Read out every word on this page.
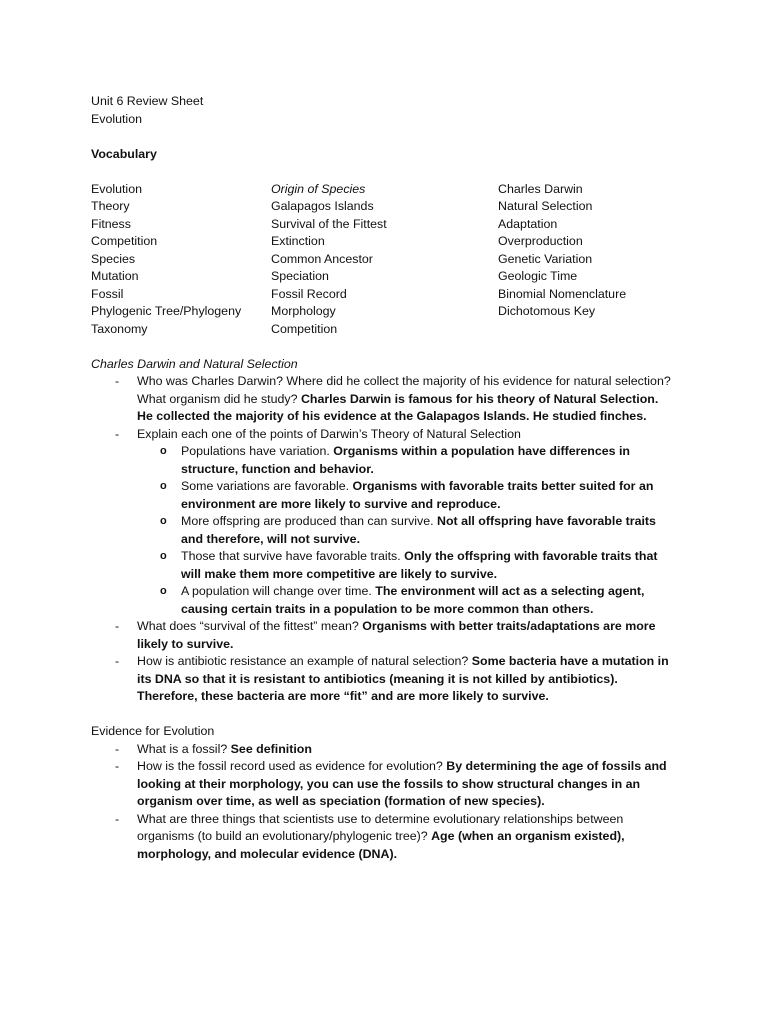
Unit 6 Review Sheet
Evolution
Vocabulary
Evolution
Theory
Fitness
Competition
Species
Mutation
Fossil
Phylogenic Tree/Phylogeny
Taxonomy
Origin of Species
Galapagos Islands
Survival of the Fittest
Extinction
Common Ancestor
Speciation
Fossil Record
Morphology
Competition
Charles Darwin
Natural Selection
Adaptation
Overproduction
Genetic Variation
Geologic Time
Binomial Nomenclature
Dichotomous Key
Charles Darwin and Natural Selection
- Who was Charles Darwin? Where did he collect the majority of his evidence for natural selection? What organism did he study? Charles Darwin is famous for his theory of Natural Selection. He collected the majority of his evidence at the Galapagos Islands. He studied finches.
- Explain each one of the points of Darwin’s Theory of Natural Selection
o Populations have variation. Organisms within a population have differences in structure, function and behavior.
o Some variations are favorable. Organisms with favorable traits better suited for an environment are more likely to survive and reproduce.
o More offspring are produced than can survive. Not all offspring have favorable traits and therefore, will not survive.
o Those that survive have favorable traits. Only the offspring with favorable traits that will make them more competitive are likely to survive.
o A population will change over time. The environment will act as a selecting agent, causing certain traits in a population to be more common than others.
- What does “survival of the fittest” mean? Organisms with better traits/adaptations are more likely to survive.
- How is antibiotic resistance an example of natural selection? Some bacteria have a mutation in its DNA so that it is resistant to antibiotics (meaning it is not killed by antibiotics). Therefore, these bacteria are more “fit” and are more likely to survive.
Evidence for Evolution
- What is a fossil? See definition
- How is the fossil record used as evidence for evolution? By determining the age of fossils and looking at their morphology, you can use the fossils to show structural changes in an organism over time, as well as speciation (formation of new species).
- What are three things that scientists use to determine evolutionary relationships between organisms (to build an evolutionary/phylogenic tree)? Age (when an organism existed), morphology, and molecular evidence (DNA).
